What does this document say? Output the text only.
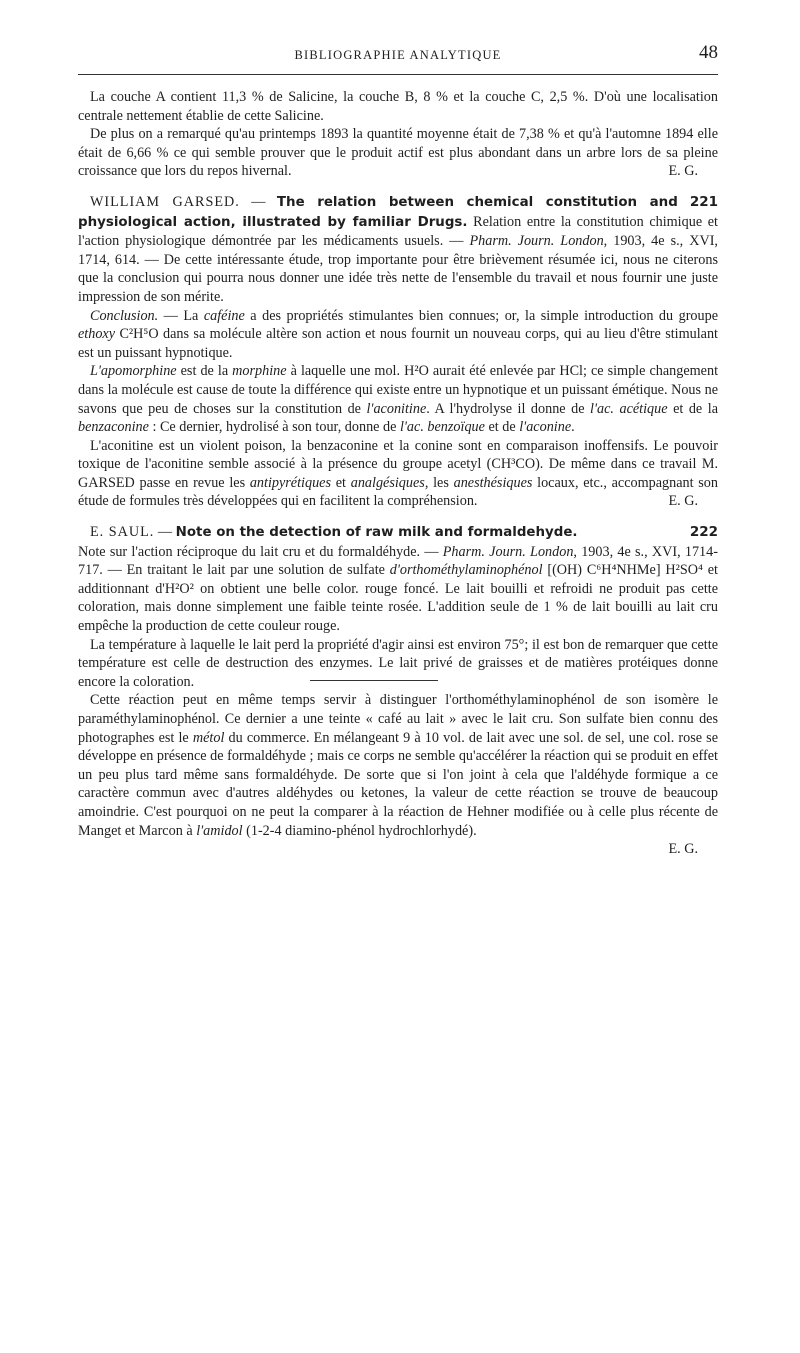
BIBLIOGRAPHIE ANALYTIQUE	48

La couche A contient 11,3 % de Salicine, la couche B, 8 % et la couche C, 2,5 %. D'où une localisation centrale nettement établie de cette Salicine.

De plus on a remarqué qu'au printemps 1893 la quantité moyenne était de 7,38 % et qu'à l'automne 1894 elle était de 6,66 % ce qui semble prouver que le produit actif est plus abondant dans un arbre lors de sa pleine croissance que lors du repos hivernal.	E. G.

221
WILLIAM GARSED. — The relation between chemical constitution and physiological action, illustrated by familiar Drugs. Relation entre la constitution chimique et l'action physiologique démontrée par les médicaments usuels. — Pharm. Journ. London, 1903, 4e s., XVI, 1714, 614. — De cette intéressante étude, trop importante pour être brièvement résumée ici, nous ne citerons que la conclusion qui pourra nous donner une idée très nette de l'ensemble du travail et nous fournir une juste impression de son mérite.

Conclusion. — La caféine a des propriétés stimulantes bien connues; or, la simple introduction du groupe ethoxy C²H⁵O dans sa molécule altère son action et nous fournit un nouveau corps, qui au lieu d'être stimulant est un puissant hypnotique.

L'apomorphine est de la morphine à laquelle une mol. H²O aurait été enlevée par HCl; ce simple changement dans la molécule est cause de toute la différence qui existe entre un hypnotique et un puissant émétique. Nous ne savons que peu de choses sur la constitution de l'aconitine. A l'hydrolyse il donne de l'ac. acétique et de la benzaconine : Ce dernier, hydrolisé à son tour, donne de l'ac. benzoïque et de l'aconine.

L'aconitine est un violent poison, la benzaconine et la conine sont en comparaison inoffensifs. Le pouvoir toxique de l'aconitine semble associé à la présence du groupe acetyl (CH³CO). De même dans ce travail M. GARSED passe en revue les antipyrétiques et analgésiques, les anesthésiques locaux, etc., accompagnant son étude de formules très développées qui en facilitent la compréhension.	E. G.

222
E. SAUL. — Note on the detection of raw milk and formaldehyde.

Note sur l'action réciproque du lait cru et du formaldéhyde. — Pharm. Journ. London, 1903, 4e s., XVI, 1714-717. — En traitant le lait par une solution de sulfate d'orthométhylaminophénol [(OH) C⁶H⁴NHMe] H²SO⁴ et additionnant d'H²O² on obtient une belle color. rouge foncé. Le lait bouilli et refroidi ne produit pas cette coloration, mais donne simplement une faible teinte rosée. L'addition seule de 1 % de lait bouilli au lait cru empêche la production de cette couleur rouge.

La température à laquelle le lait perd la propriété d'agir ainsi est environ 75°; il est bon de remarquer que cette température est celle de destruction des enzymes. Le lait privé de graisses et de matières protéiques donne encore la coloration.

Cette réaction peut en même temps servir à distinguer l'orthométhylaminophénol de son isomère le paraméthylaminophénol. Ce dernier a une teinte « café au lait » avec le lait cru. Son sulfate bien connu des photographes est le métol du commerce. En mélangeant 9 à 10 vol. de lait avec une sol. de sel, une col. rose se développe en présence de formaldéhyde ; mais ce corps ne semble qu'accélérer la réaction qui se produit en effet un peu plus tard même sans formaldéhyde. De sorte que si l'on joint à cela que l'aldéhyde formique a ce caractère commun avec d'autres aldéhydes ou ketones, la valeur de cette réaction se trouve de beaucoup amoindrie. C'est pourquoi on ne peut la comparer à la réaction de Hehner modifiée ou à celle plus récente de Manget et Marcon à l'amidol (1-2-4 diamino-phénol hydrochlorhydé).

E. G.
